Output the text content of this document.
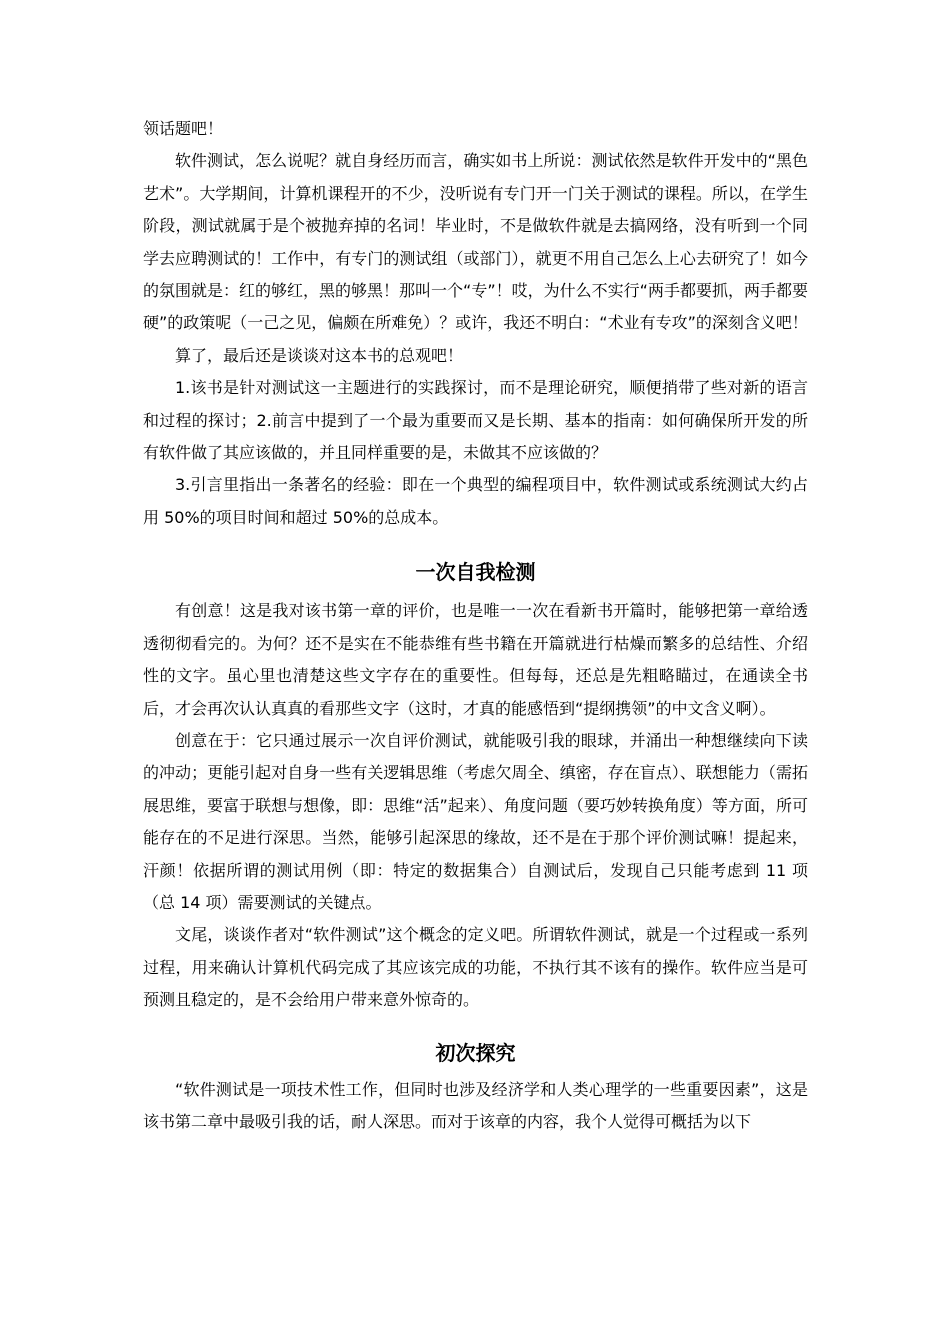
领话题吧！

软件测试，怎么说呢？就自身经历而言，确实如书上所说：测试依然是软件开发中的“黑色艺术”。大学期间，计算机课程开的不少，没听说有专门开一门关于测试的课程。所以，在学生阶段，测试就属于是个被抛弃掉的名词！毕业时，不是做软件就是去搞网络，没有听到一个同学去应聘测试的！工作中，有专门的测试组（或部门），就更不用自己怎么上心去研究了！如今的氛围就是：红的够红，黑的够黑！那叫一个“专”！哎，为什么不实行“两手都要抓，两手都要硬”的政策呢（一己之见，偏颇在所难免）？或许，我还不明白：“术业有专攻”的深刻含义吧！

算了，最后还是谈谈对这本书的总观吧！

1.该书是针对测试这一主题进行的实践探讨，而不是理论研究，顺便捎带了些对新的语言和过程的探讨；2.前言中提到了一个最为重要而又是长期、基本的指南：如何确保所开发的所有软件做了其应该做的，并且同样重要的是，未做其不应该做的？

3.引言里指出一条著名的经验：即在一个典型的编程项目中，软件测试或系统测试大约占用 50%的项目时间和超过 50%的总成本。

一次自我检测

有创意！这是我对该书第一章的评价，也是唯一一次在看新书开篇时，能够把第一章给透透彻彻看完的。为何？还不是实在不能恭维有些书籍在开篇就进行枯燥而繁多的总结性、介绍性的文字。虽心里也清楚这些文字存在的重要性。但每每，还总是先粗略瞄过，在通读全书后，才会再次认认真真的看那些文字（这时，才真的能感悟到“提纲携领”的中文含义啊）。

创意在于：它只通过展示一次自评价测试，就能吸引我的眼球，并涌出一种想继续向下读的冲动；更能引起对自身一些有关逻辑思维（考虑欠周全、缜密，存在盲点）、联想能力（需拓展思维，要富于联想与想像，即：思维“活”起来）、角度问题（要巧妙转换角度）等方面，所可能存在的不足进行深思。当然，能够引起深思的缘故，还不是在于那个评价测试嘛！提起来，汗颜！依据所谓的测试用例（即：特定的数据集合）自测试后，发现自己只能考虑到 11 项（总 14 项）需要测试的关键点。

文尾，谈谈作者对“软件测试”这个概念的定义吧。所谓软件测试，就是一个过程或一系列过程，用来确认计算机代码完成了其应该完成的功能，不执行其不该有的操作。软件应当是可预测且稳定的，是不会给用户带来意外惊奇的。

初次探究

“软件测试是一项技术性工作，但同时也涉及经济学和人类心理学的一些重要因素”，这是该书第二章中最吸引我的话，耐人深思。而对于该章的内容，我个人觉得可概括为以下
